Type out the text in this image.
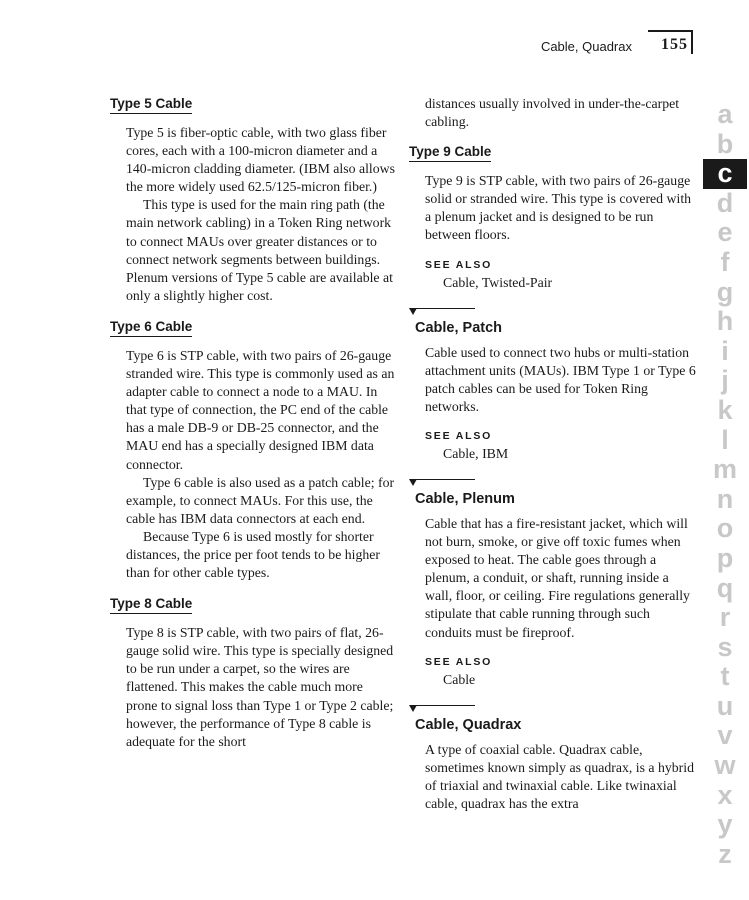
Cable, Quadrax 155
Type 5 Cable

Type 5 is fiber-optic cable, with two glass fiber cores, each with a 100-micron diameter and a 140-micron cladding diameter. (IBM also allows the more widely used 62.5/125-micron fiber.)

This type is used for the main ring path (the main network cabling) in a Token Ring network to connect MAUs over greater distances or to connect network segments between buildings. Plenum versions of Type 5 cable are available at only a slightly higher cost.

Type 6 Cable

Type 6 is STP cable, with two pairs of 26-gauge stranded wire. This type is commonly used as an adapter cable to connect a node to a MAU. In that type of connection, the PC end of the cable has a male DB-9 or DB-25 connector, and the MAU end has a specially designed IBM data connector.

Type 6 cable is also used as a patch cable; for example, to connect MAUs. For this use, the cable has IBM data connectors at each end.

Because Type 6 is used mostly for shorter distances, the price per foot tends to be higher than for other cable types.

Type 8 Cable

Type 8 is STP cable, with two pairs of flat, 26-gauge solid wire. This type is specially designed to be run under a carpet, so the wires are flattened. This makes the cable much more prone to signal loss than Type 1 or Type 2 cable; however, the performance of Type 8 cable is adequate for the short

distances usually involved in under-the-carpet cabling.

Type 9 Cable

Type 9 is STP cable, with two pairs of 26-gauge solid or stranded wire. This type is covered with a plenum jacket and is designed to be run between floors.

SEE ALSO
Cable, Twisted-Pair
Cable, Patch

Cable used to connect two hubs or multi-station attachment units (MAUs). IBM Type 1 or Type 6 patch cables can be used for Token Ring networks.

SEE ALSO
Cable, IBM
Cable, Plenum

Cable that has a fire-resistant jacket, which will not burn, smoke, or give off toxic fumes when exposed to heat. The cable goes through a plenum, a conduit, or shaft, running inside a wall, floor, or ceiling. Fire regulations generally stipulate that cable running through such conduits must be fireproof.

SEE ALSO
Cable
Cable, Quadrax

A type of coaxial cable. Quadrax cable, sometimes known simply as quadrax, is a hybrid of triaxial and twinaxial cable. Like twinaxial cable, quadrax has the extra

a
b
c
d
e
f
g
h
i
j
k
l
m
n
o
p
q
r
s
t
u
v
w
x
y
z
